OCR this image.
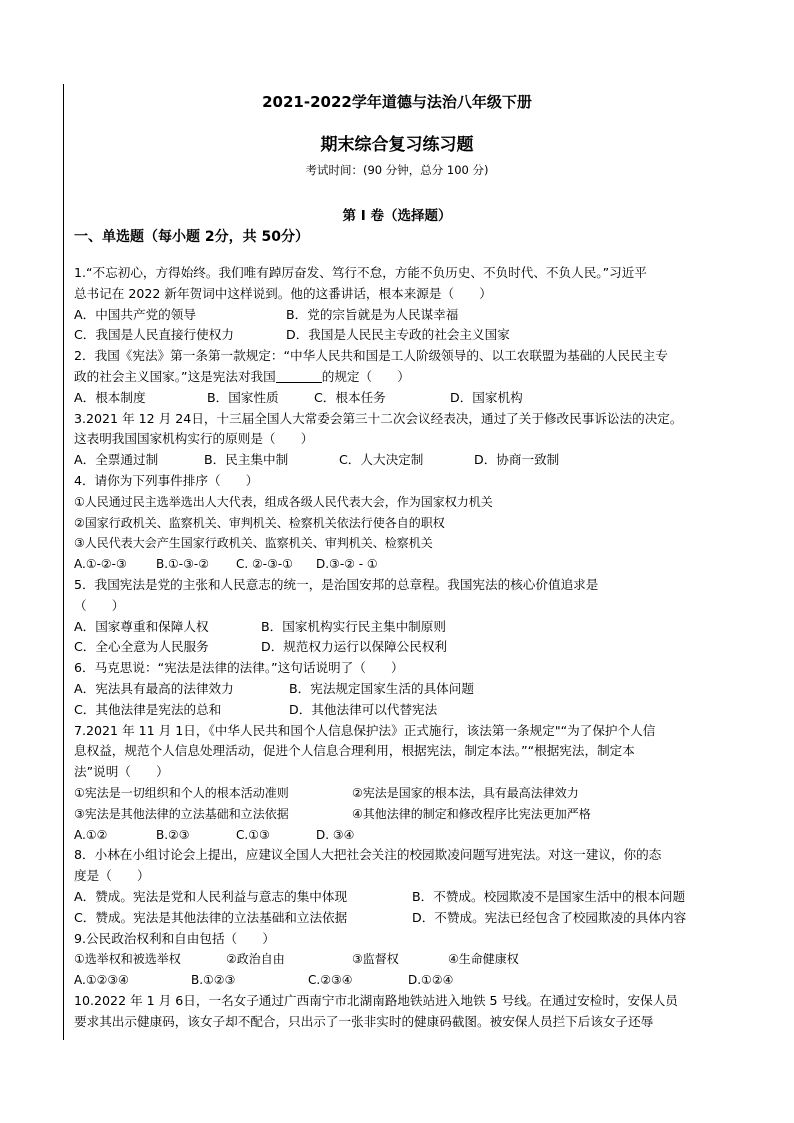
2021-2022学年道德与法治八年级下册
期末综合复习练习题
考试时间：(90 分钟，总分 100 分)
第 I 卷（选择题）
一、单选题（每小题 2分，共 50分）
1.“不忘初心，方得始终。我们唯有踔厉奋发、笃行不怠，方能不负历史、不负时代、不负人民。”习近平
总书记在 2022 新年贺词中这样说到。他的这番讲话，根本来源是（　　）
A．中国共产党的领导	B．党的宗旨就是为人民谋幸福
C．我国是人民直接行使权力	D．我国是人民民主专政的社会主义国家
2．我国《宪法》第一条第一款规定：“中华人民共和国是工人阶级领导的、以工农联盟为基础的人民民主专
政的社会主义国家。”这是宪法对我国	的规定（　　）
A．根本制度	B．国家性质	C．根本任务	D．国家机构
3.2021 年 12 月 24日，十三届全国人大常委会第三十二次会议经表决，通过了关于修改民事诉讼法的决定。
这表明我国国家机构实行的原则是（　　）
A．全票通过制	B．民主集中制	C．人大决定制	D．协商一致制
4．请你为下列事件排序（　　）
①人民通过民主选举选出人大代表，组成各级人民代表大会，作为国家权力机关
②国家行政机关、监察机关、审判机关、检察机关依法行使各自的职权
③人民代表大会产生国家行政机关、监察机关、审判机关、检察机关
A.①-②-③ B.①-③-② C. ②-③-① D.③-② - ①
5．我国宪法是党的主张和人民意志的统一，是治国安邦的总章程。我国宪法的核心价值追求是
（　　）
A．国家尊重和保障人权	B．国家机构实行民主集中制原则
C．全心全意为人民服务	D．规范权力运行以保障公民权利
6．马克思说：“宪法是法律的法律。”这句话说明了（　　）
A．宪法具有最高的法律效力	B．宪法规定国家生活的具体问题
C．其他法律是宪法的总和	D．其他法律可以代替宪法
7.2021 年 11 月 1日，《中华人民共和国个人信息保护法》正式施行，该法第一条规定"“为了保护个人信
息权益，规范个人信息处理活动，促进个人信息合理利用，根据宪法，制定本法。”“根据宪法，制定本
法”说明（　　）
①宪法是一切组织和个人的根本活动准则	②宪法是国家的根本法，具有最高法律效力
③宪法是其他法律的立法基础和立法依据	④其他法律的制定和修改程序比宪法更加严格
A.①②	B.②③	C.①③	D. ③④
8．小林在小组讨论会上提出，应建议全国人大把社会关注的校园欺凌问题写进宪法。对这一建议，你的态
度是（　　）
A．赞成。宪法是党和人民利益与意志的集中体现	B．不赞成。校园欺凌不是国家生活中的根本问题
C．赞成。宪法是其他法律的立法基础和立法依据	D．不赞成。宪法已经包含了校园欺凌的具体内容
9.公民政治权利和自由包括（　　）
①选举权和被选举权	②政治自由	③监督权	④生命健康权
A.①②③④	B.①②③	C.②③④	D.①②④
10.2022 年 1 月 6日，一名女子通过广西南宁市北湖南路地铁站进入地铁 5 号线。在通过安检时，安保人员
要求其出示健康码，该女子却不配合，只出示了一张非实时的健康码截图。被安保人员拦下后该女子还辱
